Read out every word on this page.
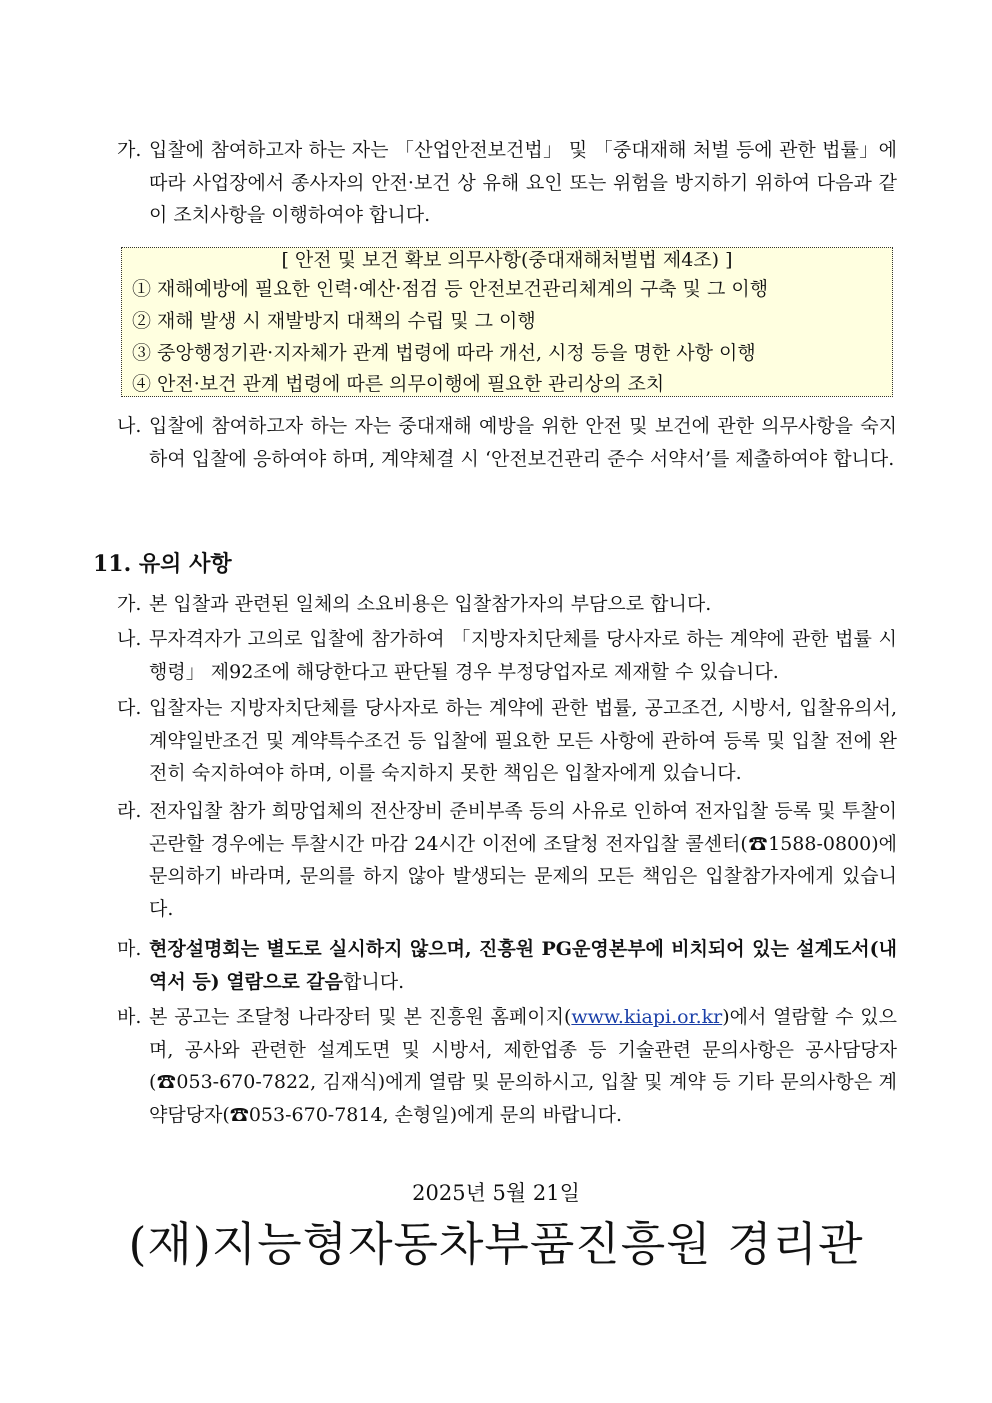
가. 입찰에 참여하고자 하는 자는 「산업안전보건법」 및 「중대재해 처벌 등에 관한 법률」에 따라 사업장에서 종사자의 안전·보건 상 유해 요인 또는 위험을 방지하기 위하여 다음과 같이 조치사항을 이행하여야 합니다.
[ 안전 및 보건 확보 의무사항(중대재해처벌법 제4조) ]
① 재해예방에 필요한 인력·예산·점검 등 안전보건관리체계의 구축 및 그 이행
② 재해 발생 시 재발방지 대책의 수립 및 그 이행
③ 중앙행정기관·지자체가 관계 법령에 따라 개선, 시정 등을 명한 사항 이행
④ 안전·보건 관계 법령에 따른 의무이행에 필요한 관리상의 조치
나. 입찰에 참여하고자 하는 자는 중대재해 예방을 위한 안전 및 보건에 관한 의무사항을 숙지하여 입찰에 응하여야 하며, 계약체결 시 ‘안전보건관리 준수 서약서’를 제출하여야 합니다.
11. 유의 사항
가. 본 입찰과 관련된 일체의 소요비용은 입찰참가자의 부담으로 합니다.
나. 무자격자가 고의로 입찰에 참가하여 「지방자치단체를 당사자로 하는 계약에 관한 법률 시행령」 제92조에 해당한다고 판단될 경우 부정당업자로 제재할 수 있습니다.
다. 입찰자는 지방자치단체를 당사자로 하는 계약에 관한 법률, 공고조건, 시방서, 입찰유의서, 계약일반조건 및 계약특수조건 등 입찰에 필요한 모든 사항에 관하여 등록 및 입찰 전에 완전히 숙지하여야 하며, 이를 숙지하지 못한 책임은 입찰자에게 있습니다.
라. 전자입찰 참가 희망업체의 전산장비 준비부족 등의 사유로 인하여 전자입찰 등록 및 투찰이 곤란할 경우에는 투찰시간 마감 24시간 이전에 조달청 전자입찰 콜센터(☎1588-0800)에 문의하기 바라며, 문의를 하지 않아 발생되는 문제의 모든 책임은 입찰참가자에게 있습니다.
마. 현장설명회는 별도로 실시하지 않으며, 진흥원 PG운영본부에 비치되어 있는 설계도서(내역서 등) 열람으로 갈음합니다.
바. 본 공고는 조달청 나라장터 및 본 진흥원 홈페이지(www.kiapi.or.kr)에서 열람할 수 있으며, 공사와 관련한 설계도면 및 시방서, 제한업종 등 기술관련 문의사항은 공사담당자(☎053-670-7822, 김재식)에게 열람 및 문의하시고, 입찰 및 계약 등 기타 문의사항은 계약담당자(☎053-670-7814, 손형일)에게 문의 바랍니다.
2025년 5월 21일
(재)지능형자동차부품진흥원 경리관
